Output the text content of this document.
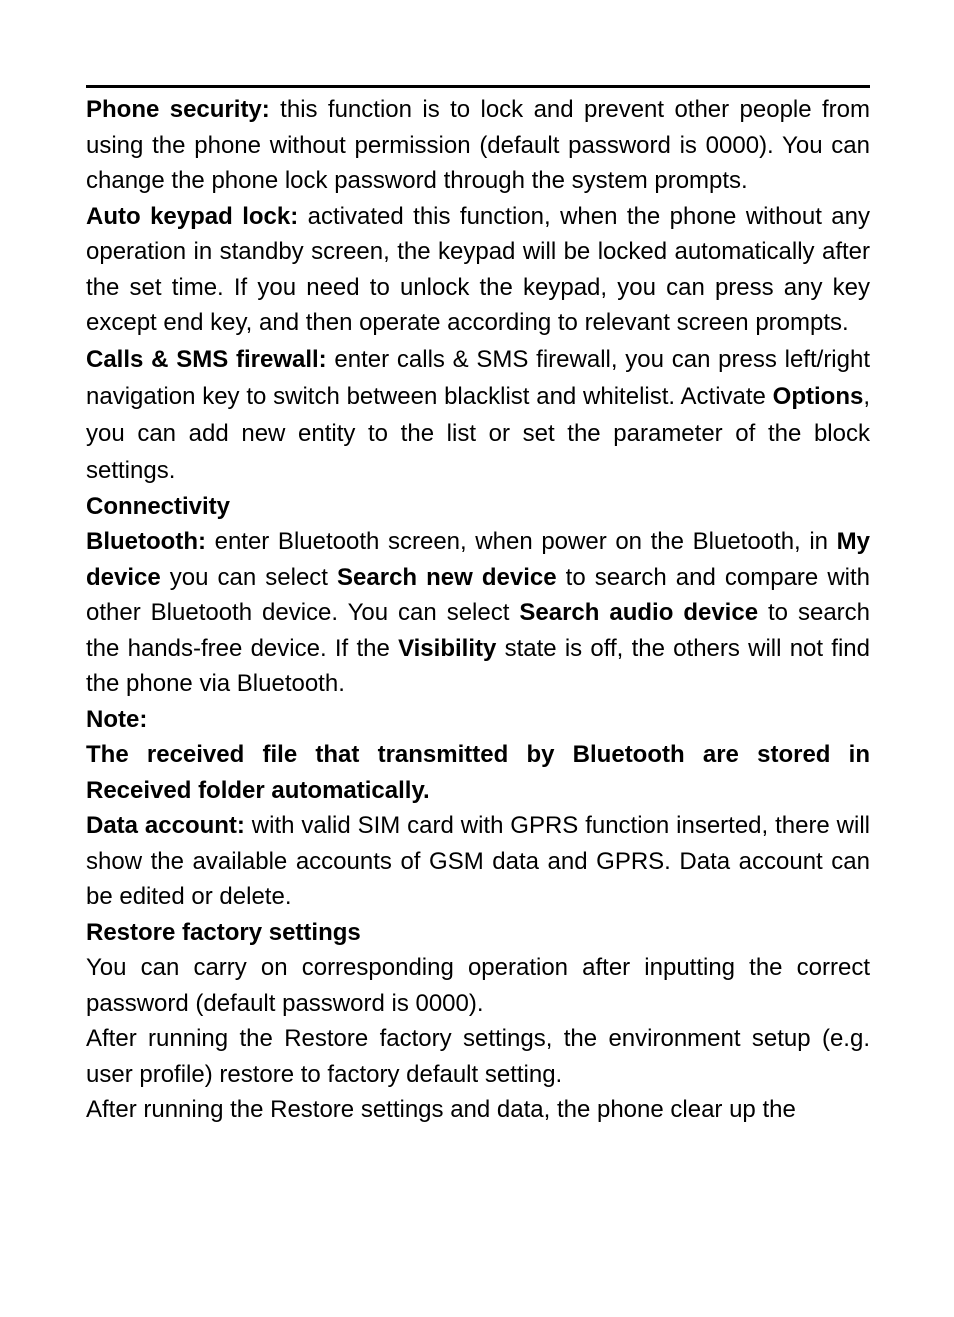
Phone security: this function is to lock and prevent other people from using the phone without permission (default password is 0000). You can change the phone lock password through the system prompts.

Auto keypad lock: activated this function, when the phone without any operation in standby screen, the keypad will be locked automatically after the set time. If you need to unlock the keypad, you can press any key except end key, and then operate according to relevant screen prompts.

Calls & SMS firewall: enter calls & SMS firewall, you can press left/right navigation key to switch between blacklist and whitelist. Activate Options, you can add new entity to the list or set the parameter of the block settings.

Connectivity

Bluetooth: enter Bluetooth screen, when power on the Bluetooth, in My device you can select Search new device to search and compare with other Bluetooth device. You can select Search audio device to search the hands-free device. If the Visibility state is off, the others will not find the phone via Bluetooth.

Note:

The received file that transmitted by Bluetooth are stored in Received folder automatically.

Data account: with valid SIM card with GPRS function inserted, there will show the available accounts of GSM data and GPRS. Data account can be edited or delete.

Restore factory settings

You can carry on corresponding operation after inputting the correct password (default password is 0000).

After running the Restore factory settings, the environment setup (e.g. user profile) restore to factory default setting.

After running the Restore settings and data, the phone clear up the
